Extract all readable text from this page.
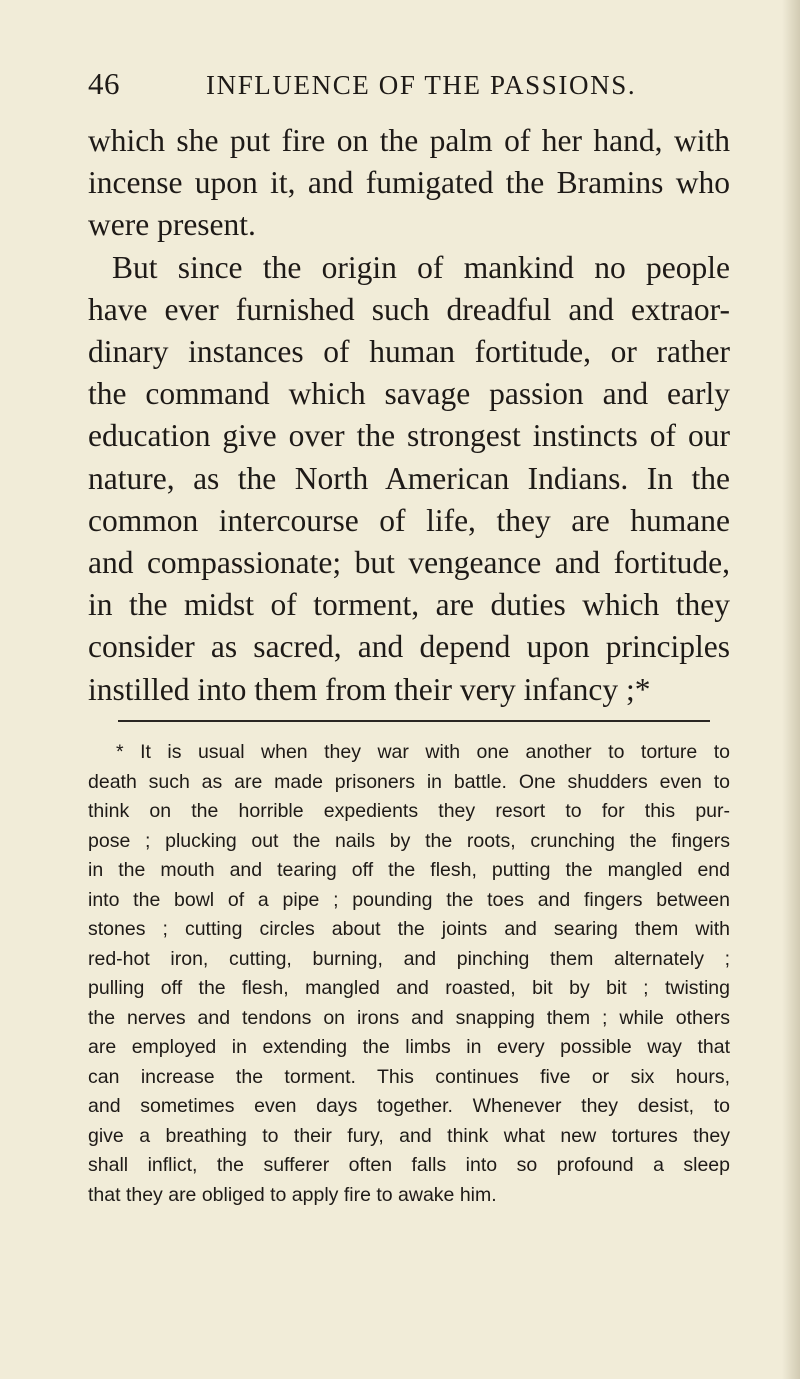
46	INFLUENCE OF THE PASSIONS.
which she put fire on the palm of her hand, with
incense upon it, and fumigated the Bramins who
were present.
But since the origin of mankind no people
have ever furnished such dreadful and extraor-
dinary instances of human fortitude, or rather
the command which savage passion and early
education give over the strongest instincts of our
nature, as the North American Indians. In the
common intercourse of life, they are humane
and compassionate; but vengeance and fortitude,
in the midst of torment, are duties which they
consider as sacred, and depend upon principles
instilled into them from their very infancy ;*
* It is usual when they war with one another to torture to
death such as are made prisoners in battle. One shudders even to
think on the horrible expedients they resort to for this pur-
pose ; plucking out the nails by the roots, crunching the fingers
in the mouth and tearing off the flesh, putting the mangled end
into the bowl of a pipe ; pounding the toes and fingers between
stones ; cutting circles about the joints and searing them with
red-hot iron, cutting, burning, and pinching them alternately ;
pulling off the flesh, mangled and roasted, bit by bit ; twisting
the nerves and tendons on irons and snapping them ; while others
are employed in extending the limbs in every possible way that
can increase the torment. This continues five or six hours,
and sometimes even days together. Whenever they desist, to
give a breathing to their fury, and think what new tortures they
shall inflict, the sufferer often falls into so profound a sleep
that they are obliged to apply fire to awake him.
